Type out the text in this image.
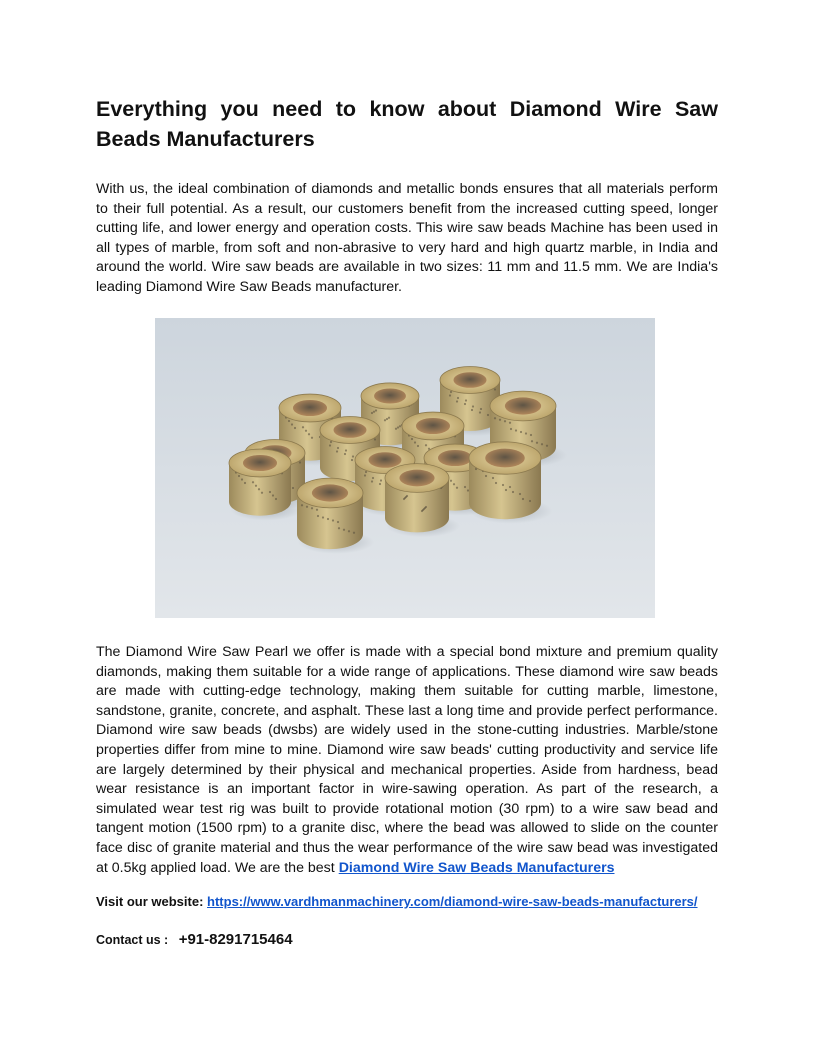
Everything you need to know about Diamond Wire Saw Beads Manufacturers

With us, the ideal combination of diamonds and metallic bonds ensures that all materials perform to their full potential. As a result, our customers benefit from the increased cutting speed, longer cutting life, and lower energy and operation costs. This wire saw beads Machine has been used in all types of marble, from soft and non-abrasive to very hard and high quartz marble, in India and around the world. Wire saw beads are available in two sizes: 11 mm and 11.5 mm. We are India's leading Diamond Wire Saw Beads manufacturer.

The Diamond Wire Saw Pearl we offer is made with a special bond mixture and premium quality diamonds, making them suitable for a wide range of applications. These diamond wire saw beads are made with cutting-edge technology, making them suitable for cutting marble, limestone, sandstone, granite, concrete, and asphalt. These last a long time and provide perfect performance. Diamond wire saw beads (dwsbs) are widely used in the stone-cutting industries. Marble/stone properties differ from mine to mine. Diamond wire saw beads' cutting productivity and service life are largely determined by their physical and mechanical properties. Aside from hardness, bead wear resistance is an important factor in wire-sawing operation. As part of the research, a simulated wear test rig was built to provide rotational motion (30 rpm) to a wire saw bead and tangent motion (1500 rpm) to a granite disc, where the bead was allowed to slide on the counter face disc of granite material and thus the wear performance of the wire saw bead was investigated at 0.5kg applied load. We are the best Diamond Wire Saw Beads Manufacturers

Visit our website: https://www.vardhmanmachinery.com/diamond-wire-saw-beads-manufacturers/
Contact us : +91-8291715464
